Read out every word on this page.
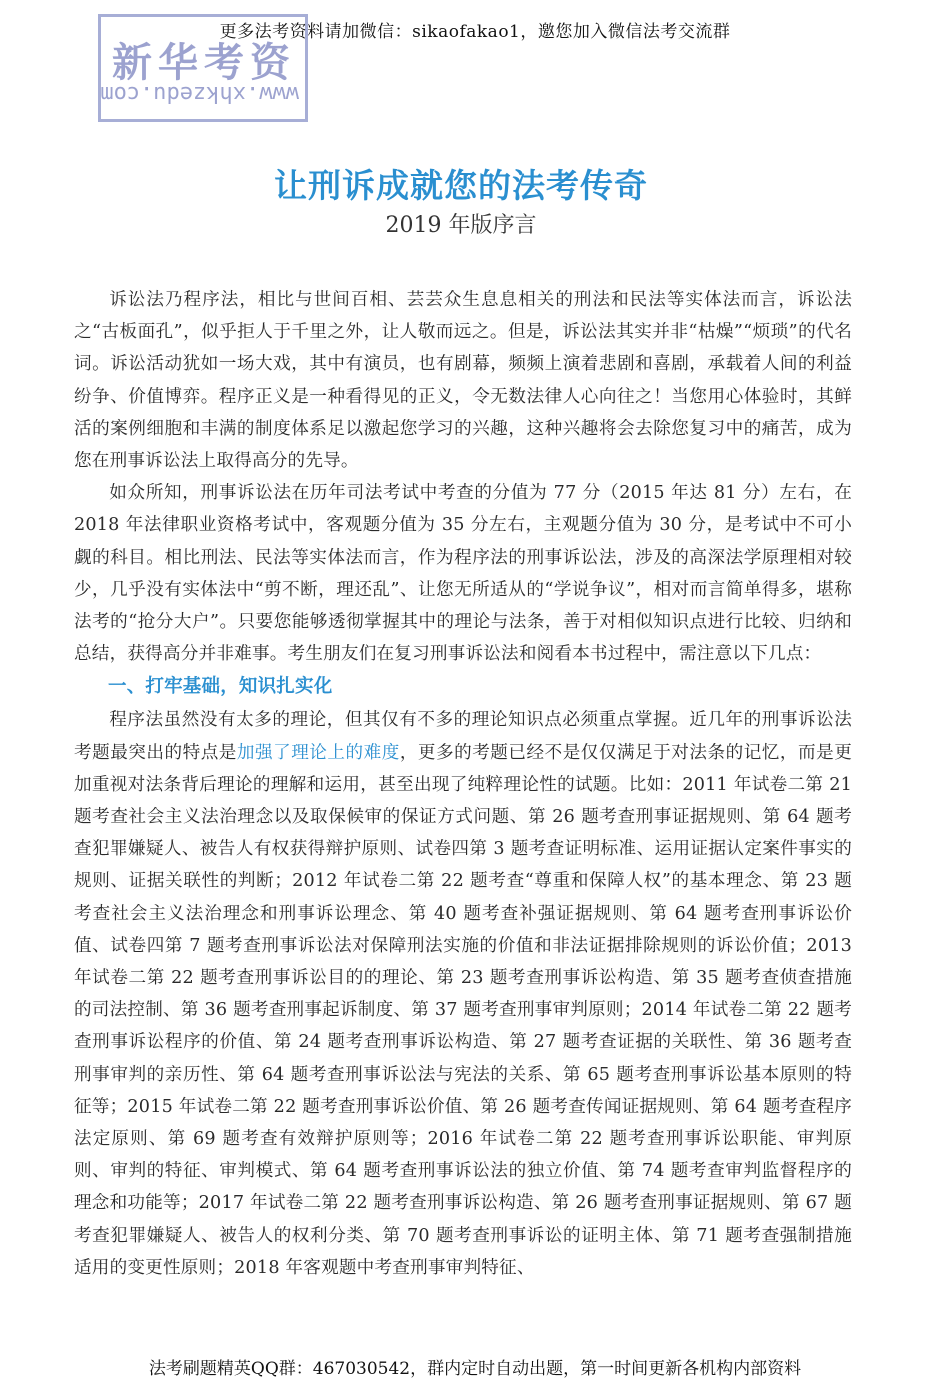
更多法考资料请加微信：sikaofakao1，邀您加入微信法考交流群
新华考资
www.xhkzedu.com
让刑诉成就您的法考传奇
2019 年版序言

诉讼法乃程序法，相比与世间百相、芸芸众生息息相关的刑法和民法等实体法而言，诉讼法之“古板面孔”，似乎拒人于千里之外，让人敬而远之。但是，诉讼法其实并非“枯燥”“烦琐”的代名词。诉讼活动犹如一场大戏，其中有演员，也有剧幕，频频上演着悲剧和喜剧，承载着人间的利益纷争、价值博弈。程序正义是一种看得见的正义，令无数法律人心向往之！当您用心体验时，其鲜活的案例细胞和丰满的制度体系足以激起您学习的兴趣，这种兴趣将会去除您复习中的痛苦，成为您在刑事诉讼法上取得高分的先导。

如众所知，刑事诉讼法在历年司法考试中考查的分值为 77 分（2015 年达 81 分）左右，在 2018 年法律职业资格考试中，客观题分值为 35 分左右，主观题分值为 30 分，是考试中不可小觑的科目。相比刑法、民法等实体法而言，作为程序法的刑事诉讼法，涉及的高深法学原理相对较少，几乎没有实体法中“剪不断，理还乱”、让您无所适从的“学说争议”，相对而言简单得多，堪称法考的“抢分大户”。只要您能够透彻掌握其中的理论与法条，善于对相似知识点进行比较、归纳和总结，获得高分并非难事。考生朋友们在复习刑事诉讼法和阅看本书过程中，需注意以下几点：

一、打牢基础，知识扎实化

程序法虽然没有太多的理论，但其仅有不多的理论知识点必须重点掌握。近几年的刑事诉讼法考题最突出的特点是加强了理论上的难度，更多的考题已经不是仅仅满足于对法条的记忆，而是更加重视对法条背后理论的理解和运用，甚至出现了纯粹理论性的试题。比如：2011 年试卷二第 21 题考查社会主义法治理念以及取保候审的保证方式问题、第 26 题考查刑事证据规则、第 64 题考查犯罪嫌疑人、被告人有权获得辩护原则、试卷四第 3 题考查证明标准、运用证据认定案件事实的规则、证据关联性的判断；2012 年试卷二第 22 题考查“尊重和保障人权”的基本理念、第 23 题考查社会主义法治理念和刑事诉讼理念、第 40 题考查补强证据规则、第 64 题考查刑事诉讼价值、试卷四第 7 题考查刑事诉讼法对保障刑法实施的价值和非法证据排除规则的诉讼价值；2013 年试卷二第 22 题考查刑事诉讼目的的理论、第 23 题考查刑事诉讼构造、第 35 题考查侦查措施的司法控制、第 36 题考查刑事起诉制度、第 37 题考查刑事审判原则；2014 年试卷二第 22 题考查刑事诉讼程序的价值、第 24 题考查刑事诉讼构造、第 27 题考查证据的关联性、第 36 题考查刑事审判的亲历性、第 64 题考查刑事诉讼法与宪法的关系、第 65 题考查刑事诉讼基本原则的特征等；2015 年试卷二第 22 题考查刑事诉讼价值、第 26 题考查传闻证据规则、第 64 题考查程序法定原则、第 69 题考查有效辩护原则等；2016 年试卷二第 22 题考查刑事诉讼职能、审判原则、审判的特征、审判模式、第 64 题考查刑事诉讼法的独立价值、第 74 题考查审判监督程序的理念和功能等；2017 年试卷二第 22 题考查刑事诉讼构造、第 26 题考查刑事证据规则、第 67 题考查犯罪嫌疑人、被告人的权利分类、第 70 题考查刑事诉讼的证明主体、第 71 题考查强制措施适用的变更性原则；2018 年客观题中考查刑事审判特征、

法考刷题精英QQ群：467030542，群内定时自动出题，第一时间更新各机构内部资料
